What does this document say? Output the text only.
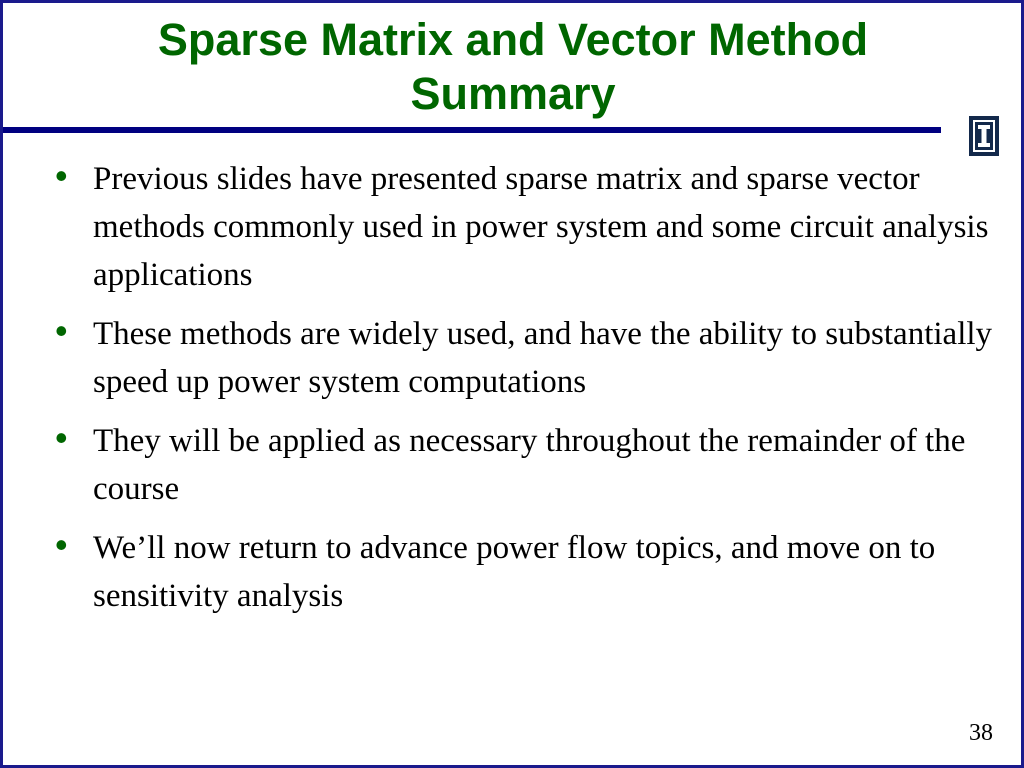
Sparse Matrix and Vector Method
Summary
• Previous slides have presented sparse matrix and sparse vector methods commonly used in power system and some circuit analysis applications
• These methods are widely used, and have the ability to substantially speed up power system computations
• They will be applied as necessary throughout the remainder of the course
• We’ll now return to advance power flow topics, and move on to sensitivity analysis
38
